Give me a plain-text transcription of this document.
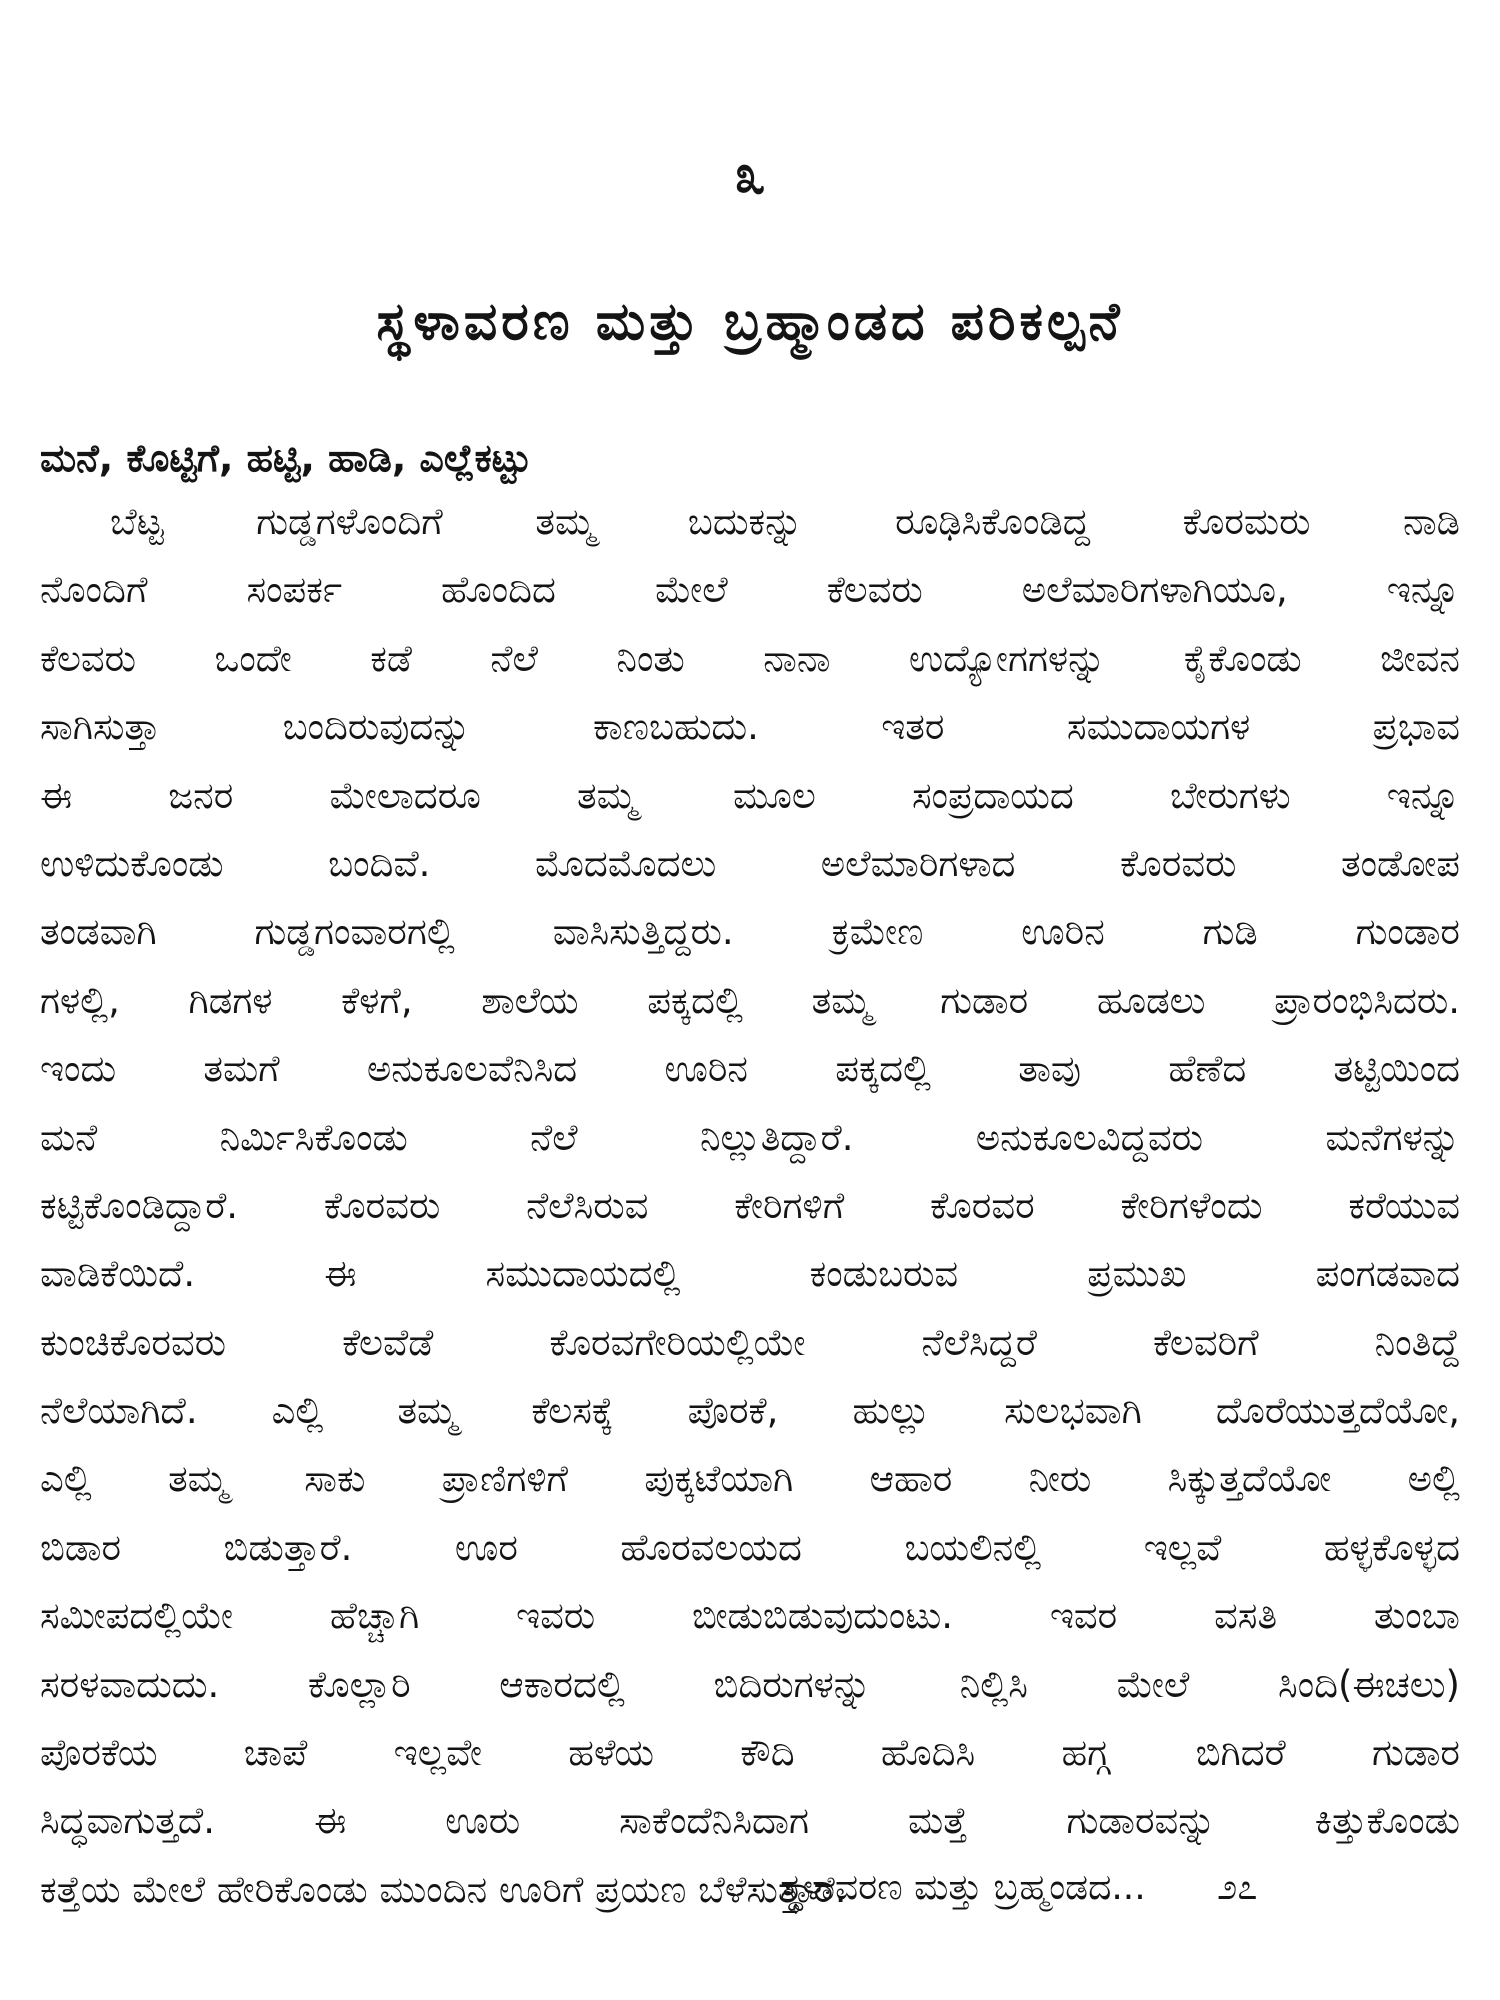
೩
ಸ್ಥಳಾವರಣ ಮತ್ತು ಬ್ರಹ್ಮಾಂಡದ ಪರಿಕಲ್ಪನೆ
ಮನೆ, ಕೊಟ್ಟಿಗೆ, ಹಟ್ಟಿ, ಹಾಡಿ, ಎಲ್ಲೆಕಟ್ಟು
ಬೆಟ್ಟ ಗುಡ್ಡಗಳೊಂದಿಗೆ ತಮ್ಮ ಬದುಕನ್ನು ರೂಢಿಸಿಕೊಂಡಿದ್ದ ಕೊರಮರು ನಾಡಿ
ನೊಂದಿಗೆ ಸಂಪರ್ಕ ಹೊಂದಿದ ಮೇಲೆ ಕೆಲವರು ಅಲೆಮಾರಿಗಳಾಗಿಯೂ, ಇನ್ನೂ
ಕೆಲವರು ಒಂದೇ ಕಡೆ ನೆಲೆ ನಿಂತು ನಾನಾ ಉದ್ಯೋಗಗಳನ್ನು ಕೈಕೊಂಡು ಜೀವನ
ಸಾಗಿಸುತ್ತಾ ಬಂದಿರುವುದನ್ನು ಕಾಣಬಹುದು. ಇತರ ಸಮುದಾಯಗಳ ಪ್ರಭಾವ
ಈ ಜನರ ಮೇಲಾದರೂ ತಮ್ಮ ಮೂಲ ಸಂಪ್ರದಾಯದ ಬೇರುಗಳು ಇನ್ನೂ
ಉಳಿದುಕೊಂಡು ಬಂದಿವೆ. ಮೊದಮೊದಲು ಅಲೆಮಾರಿಗಳಾದ ಕೊರವರು ತಂಡೋಪ
ತಂಡವಾಗಿ ಗುಡ್ಡಗಂವಾರಗಲ್ಲಿ ವಾಸಿಸುತ್ತಿದ್ದರು. ಕ್ರಮೇಣ ಊರಿನ ಗುಡಿ ಗುಂಡಾರ
ಗಳಲ್ಲಿ, ಗಿಡಗಳ ಕೆಳಗೆ, ಶಾಲೆಯ ಪಕ್ಕದಲ್ಲಿ ತಮ್ಮ ಗುಡಾರ ಹೂಡಲು ಪ್ರಾರಂಭಿಸಿದರು.
ಇಂದು ತಮಗೆ ಅನುಕೂಲವೆನಿಸಿದ ಊರಿನ ಪಕ್ಕದಲ್ಲಿ ತಾವು ಹೆಣೆದ ತಟ್ಟಿಯಿಂದ
ಮನೆ ನಿರ್ಮಿಸಿಕೊಂಡು ನೆಲೆ ನಿಲ್ಲುತಿದ್ದಾರೆ. ಅನುಕೂಲವಿದ್ದವರು ಮನೆಗಳನ್ನು
ಕಟ್ಟಿಕೊಂಡಿದ್ದಾರೆ. ಕೊರವರು ನೆಲೆಸಿರುವ ಕೇರಿಗಳಿಗೆ ಕೊರವರ ಕೇರಿಗಳೆಂದು ಕರೆಯುವ
ವಾಡಿಕೆಯಿದೆ. ಈ ಸಮುದಾಯದಲ್ಲಿ ಕಂಡುಬರುವ ಪ್ರಮುಖ ಪಂಗಡವಾದ
ಕುಂಚಿಕೊರವರು ಕೆಲವೆಡೆ ಕೊರವಗೇರಿಯಲ್ಲಿಯೇ ನೆಲೆಸಿದ್ದರೆ ಕೆಲವರಿಗೆ ನಿಂತಿದ್ದೆ
ನೆಲೆಯಾಗಿದೆ. ಎಲ್ಲಿ ತಮ್ಮ ಕೆಲಸಕ್ಕೆ ಪೊರಕೆ, ಹುಲ್ಲು ಸುಲಭವಾಗಿ ದೊರೆಯುತ್ತದೆಯೋ,
ಎಲ್ಲಿ ತಮ್ಮ ಸಾಕು ಪ್ರಾಣಿಗಳಿಗೆ ಪುಕ್ಕಟೆಯಾಗಿ ಆಹಾರ ನೀರು ಸಿಕ್ಕುತ್ತದೆಯೋ ಅಲ್ಲಿ
ಬಿಡಾರ ಬಿಡುತ್ತಾರೆ. ಊರ ಹೊರವಲಯದ ಬಯಲಿನಲ್ಲಿ ಇಲ್ಲವೆ ಹಳ್ಳಕೊಳ್ಳದ
ಸಮೀಪದಲ್ಲಿಯೇ ಹೆಚ್ಚಾಗಿ ಇವರು ಬೀಡುಬಿಡುವುದುಂಟು. ಇವರ ವಸತಿ ತುಂಬಾ
ಸರಳವಾದುದು. ಕೊಲ್ಲಾರಿ ಆಕಾರದಲ್ಲಿ ಬಿದಿರುಗಳನ್ನು ನಿಲ್ಲಿಸಿ ಮೇಲೆ ಸಿಂದಿ(ಈಚಲು)
ಪೊರಕೆಯ ಚಾಪೆ ಇಲ್ಲವೇ ಹಳೆಯ ಕೌದಿ ಹೊದಿಸಿ ಹಗ್ಗ ಬಿಗಿದರೆ ಗುಡಾರ
ಸಿದ್ಧವಾಗುತ್ತದೆ. ಈ ಊರು ಸಾಕೆಂದೆನಿಸಿದಾಗ ಮತ್ತೆ ಗುಡಾರವನ್ನು ಕಿತ್ತುಕೊಂಡು
ಕತ್ತೆಯ ಮೇಲೆ ಹೇರಿಕೊಂಡು ಮುಂದಿನ ಊರಿಗೆ ಪ್ರಯಣ ಬೆಳೆಸುತ್ತಾರೆ.
ಸ್ಥಳಾವರಣ ಮತ್ತು ಬ್ರಹ್ಮಂಡದ... ೨೭
